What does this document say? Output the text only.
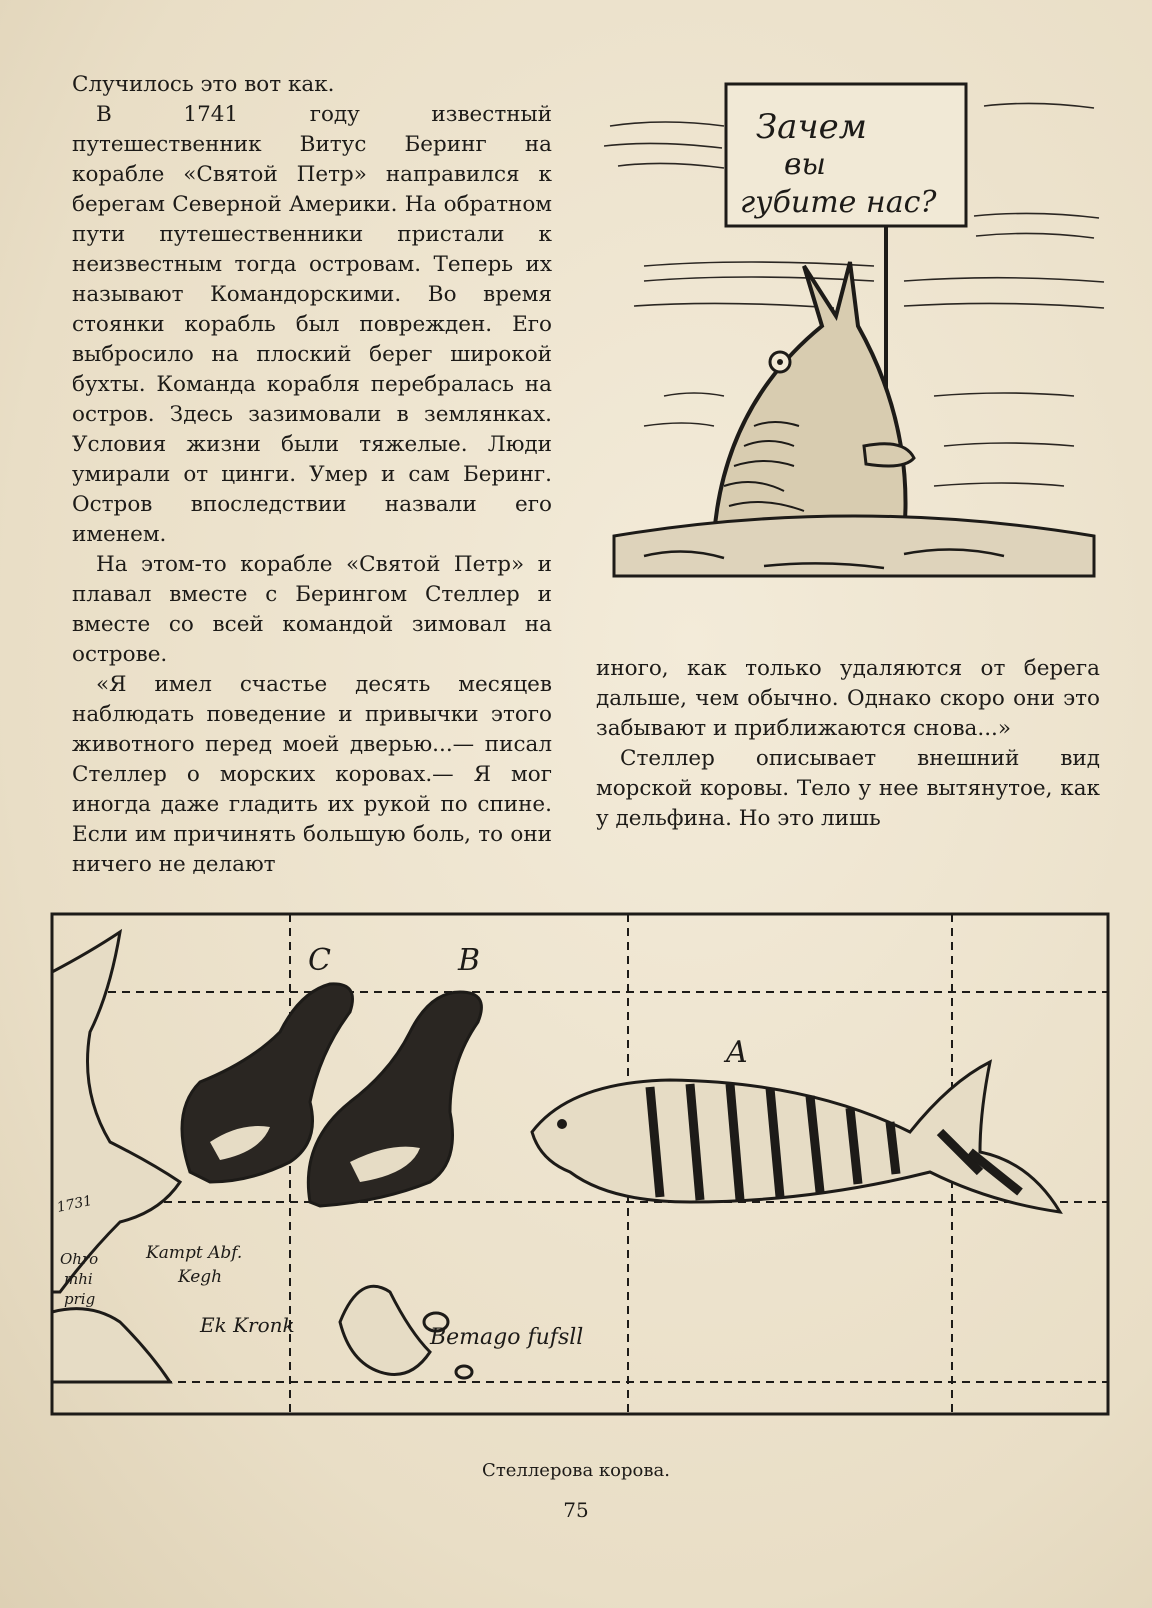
Случилось это вот как.

В 1741 году известный путешественник Витус Беринг на корабле «Святой Петр» направился к берегам Северной Америки. На обратном пути путешественники пристали к неизвестным тогда островам. Теперь их называют Командорскими. Во время стоянки корабль был поврежден. Его выбросило на плоский берег широкой бухты. Команда корабля перебралась на остров. Здесь зазимовали в землянках. Условия жизни были тяжелые. Люди умирали от цинги. Умер и сам Беринг. Остров впоследствии назвали его именем.

На этом-то корабле «Святой Петр» и плавал вместе с Берингом Стеллер и вместе со всей командой зимовал на острове.

«Я имел счастье десять месяцев наблюдать поведение и привычки этого животного перед моей дверью...— писал Стеллер о морских коровах.— Я мог иногда даже гладить их рукой по спине. Если им причинять большую боль, то они ничего не делают

Зачем
вы
губите нас?

иного, как только удаляются от берега дальше, чем обычно. Однако скоро они это забывают и приближаются снова...»

Стеллер описывает внешний вид морской коровы. Тело у нее вытянутое, как у дельфина. Но это лишь

C	B
A
Kampt Abf.
Kegh
Ek Kronk	Bemago fufsll
Ohro
mhi
prig
1731
Стеллерова корова.
75
